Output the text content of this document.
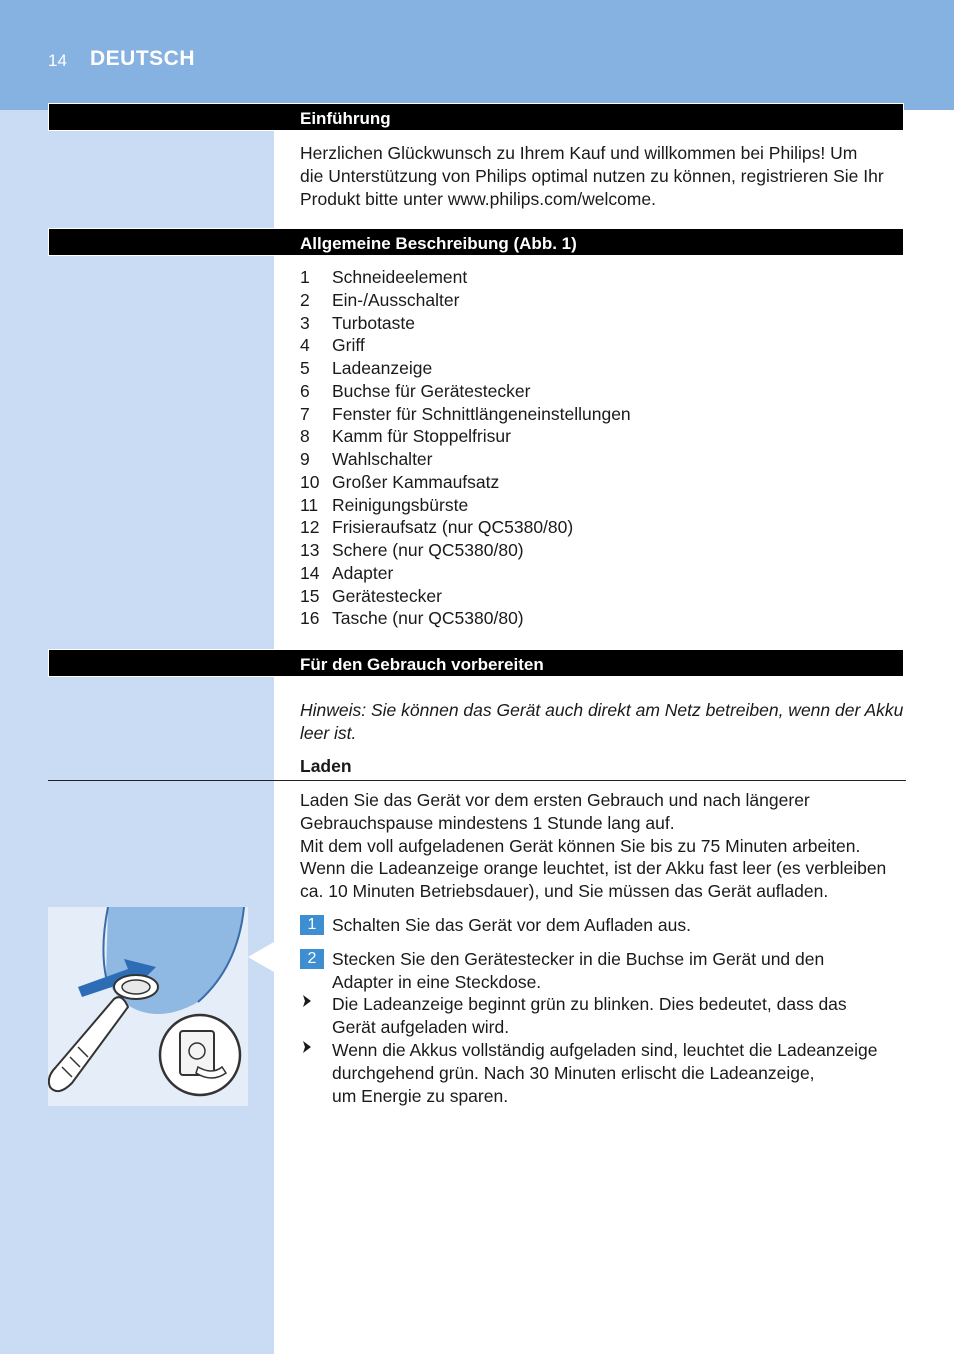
14 DEUTSCH
Einführung
Herzlichen Glückwunsch zu Ihrem Kauf und willkommen bei Philips! Um
die Unterstützung von Philips optimal nutzen zu können, registrieren Sie Ihr
Produkt bitte unter www.philips.com/welcome.
Allgemeine Beschreibung (Abb. 1)
1	Schneideelement
2	Ein-/Ausschalter
3	Turbotaste
4	Griff
5	Ladeanzeige
6	Buchse für Gerätestecker
7	Fenster für Schnittlängeneinstellungen
8	Kamm für Stoppelfrisur
9	Wahlschalter
10 Großer Kammaufsatz
11 Reinigungsbürste
12 Frisieraufsatz (nur QC5380/80)
13 Schere (nur QC5380/80)
14 Adapter
15 Gerätestecker
16 Tasche (nur QC5380/80)
Für den Gebrauch vorbereiten
Hinweis: Sie können das Gerät auch direkt am Netz betreiben, wenn der Akku
leer ist.
Laden
Laden Sie das Gerät vor dem ersten Gebrauch und nach längerer
Gebrauchspause mindestens 1 Stunde lang auf.
Mit dem voll aufgeladenen Gerät können Sie bis zu 75 Minuten arbeiten.
Wenn die Ladeanzeige orange leuchtet, ist der Akku fast leer (es verbleiben
ca. 10 Minuten Betriebsdauer), und Sie müssen das Gerät aufladen.
1 Schalten Sie das Gerät vor dem Aufladen aus.
2 Stecken Sie den Gerätestecker in die Buchse im Gerät und den
Adapter in eine Steckdose.
Die Ladeanzeige beginnt grün zu blinken. Dies bedeutet, dass das
Gerät aufgeladen wird.
Wenn die Akkus vollständig aufgeladen sind, leuchtet die Ladeanzeige
durchgehend grün. Nach 30 Minuten erlischt die Ladeanzeige,
um Energie zu sparen.
